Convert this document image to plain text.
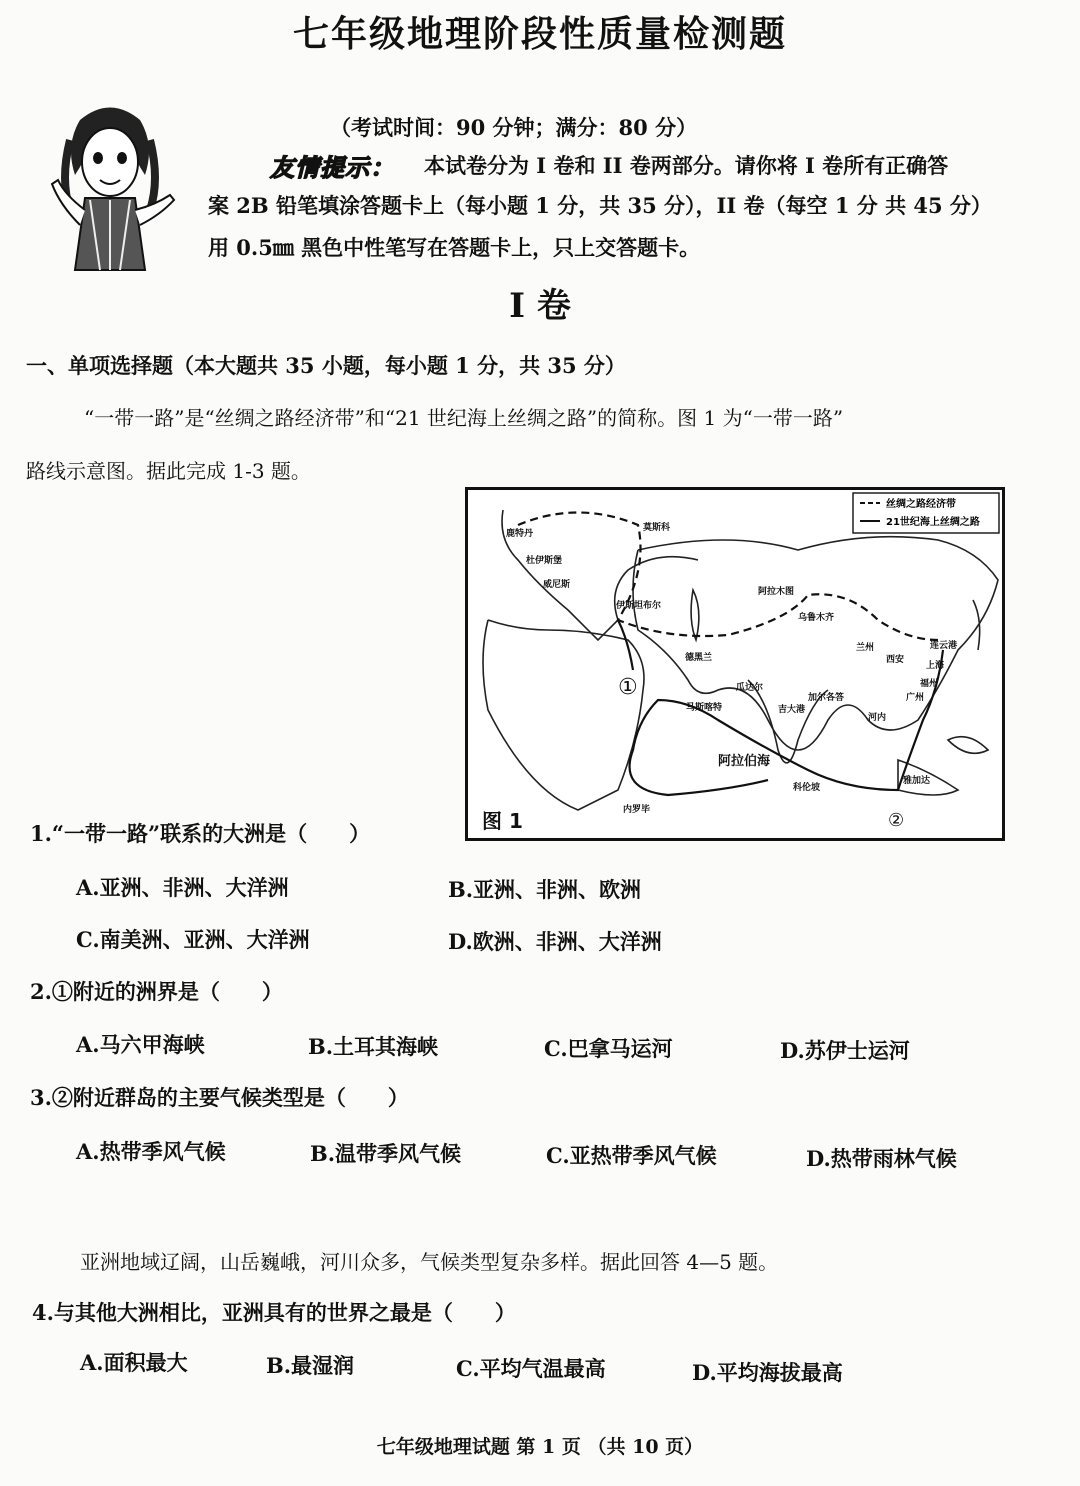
七年级地理阶段性质量检测题
（考试时间：90 分钟；满分：80 分）
友情提示： 本试卷分为 I 卷和 II 卷两部分。请你将 I 卷所有正确答
案 2B 铅笔填涂答题卡上（每小题 1 分，共 35 分），II 卷（每空 1 分 共 45 分）
用 0.5㎜ 黑色中性笔写在答题卡上，只上交答题卡。
I 卷
一、单项选择题（本大题共 35 小题，每小题 1 分，共 35 分）
“一带一路”是“丝绸之路经济带”和“21 世纪海上丝绸之路”的简称。图 1 为“一带一路”
路线示意图。据此完成 1-3 题。
丝绸之路经济带
21世纪海上丝绸之路
鹿特丹
莫斯科
杜伊斯堡
威尼斯
伊斯坦布尔
德黑兰
阿拉木图
乌鲁木齐
兰州
西安
连云港
上海
福州
广州
河内
瓜达尔
加尔各答
吉大港
科伦坡
雅加达
马斯喀特
内罗毕
阿拉伯海
①
②
图 1
1.“一带一路”联系的大洲是（　　）
A.亚洲、非洲、大洋洲	B.亚洲、非洲、欧洲
C.南美洲、亚洲、大洋洲	D.欧洲、非洲、大洋洲
2.①附近的洲界是（　　）
A.马六甲海峡	B.土耳其海峡	C.巴拿马运河	D.苏伊士运河
3.②附近群岛的主要气候类型是（　　）
A.热带季风气候	B.温带季风气候	C.亚热带季风气候	D.热带雨林气候
亚洲地域辽阔，山岳巍峨，河川众多，气候类型复杂多样。据此回答 4—5 题。
4.与其他大洲相比，亚洲具有的世界之最是（　　）
A.面积最大	B.最湿润	C.平均气温最高	D.平均海拔最高
七年级地理试题 第 1 页 （共 10 页）
